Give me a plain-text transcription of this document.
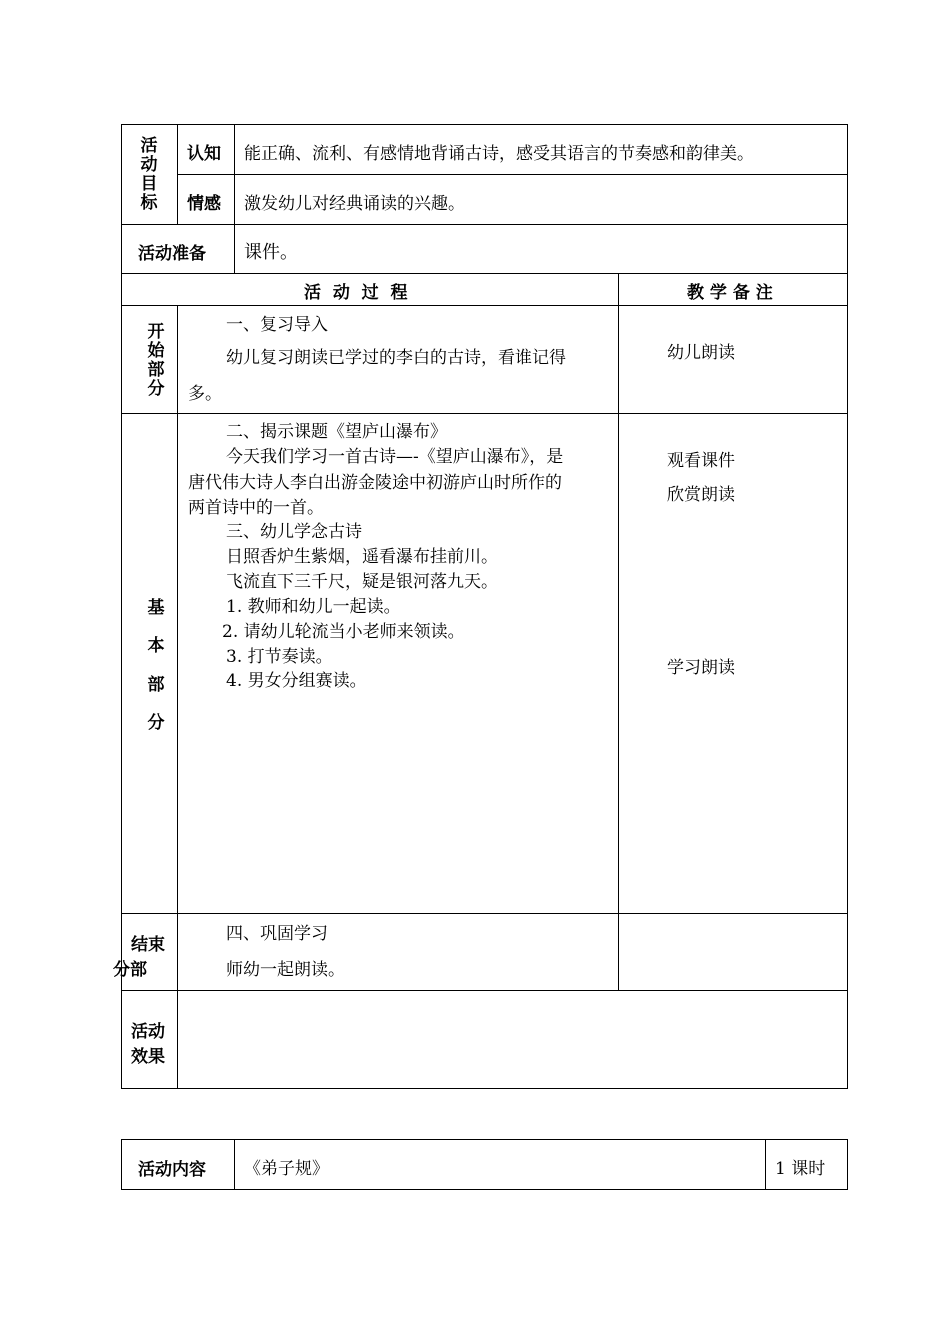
活
动
目
标
认知 能正确、流利、有感情地背诵古诗，感受其语言的节奏感和韵律美。
情感 激发幼儿对经典诵读的兴趣。
活动准备 课件。
活  动  过  程	教 学 备 注
开
始
部
分
一、复习导入
幼儿复习朗读已学过的李白的古诗，看谁记得
多。
幼儿朗读
基
本
部
分
二、揭示课题《望庐山瀑布》
今天我们学习一首古诗—-《望庐山瀑布》，是
唐代伟大诗人李白出游金陵途中初游庐山时所作的
两首诗中的一首。
三、幼儿学念古诗
日照香炉生紫烟，遥看瀑布挂前川。
飞流直下三千尺，疑是银河落九天。
1. 教师和幼儿一起读。
2. 请幼儿轮流当小老师来领读。
3. 打节奏读。
4. 男女分组赛读。
观看课件
欣赏朗读
学习朗读
结束
分部
四、巩固学习
师幼一起朗读。
活动
效果
活动内容 《弟子规》	1 课时
